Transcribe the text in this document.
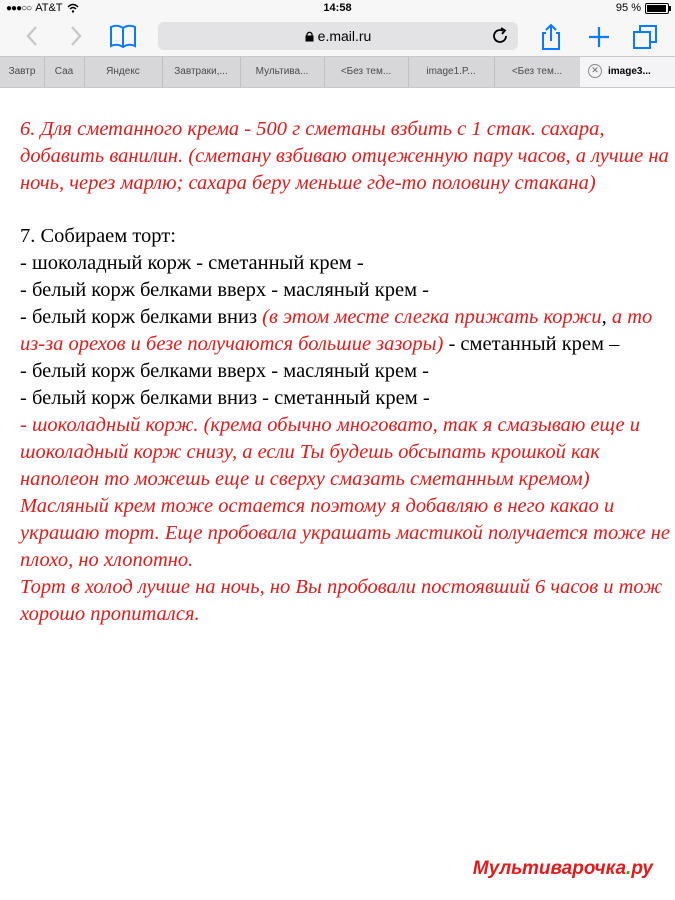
●●●○○ AT&T	14:58	95 %
e.mail.ru
Завтр	Саа	Яндекс	Завтраки,...	Мультива...	<Без тем...	image1.P...	<Без тем...	✕ image3...

6. Для сметанного крема - 500 г сметаны взбить с 1 стак. сахара, добавить ванилин. (сметану взбиваю отцеженную пару часов, а лучше на ночь, через марлю; сахара беру меньше где-то половину стакана)

7. Собираем торт:

- шоколадный корж - сметанный крем -

- белый корж белками вверх - масляный крем -

- белый корж белками вниз (в этом месте слегка прижать коржи, а то из-за орехов и безе получаются большие зазоры) - сметанный крем –

- белый корж белками вверх - масляный крем -

- белый корж белками вниз - сметанный крем -

- шоколадный корж. (крема обычно многовато, так я смазываю еще и шоколадный корж снизу, а если Ты будешь обсыпать крошкой как наполеон то можешь еще и сверху смазать сметанным кремом)

Масляный крем тоже остается поэтому я добавляю в него какао и украшаю торт. Еще пробовала украшать мастикой получается тоже не плохо, но хлопотно.

Торт в холод лучше на ночь, но Вы пробовали постоявший 6 часов и тож хорошо пропитался.

Мультиварочка.ру
